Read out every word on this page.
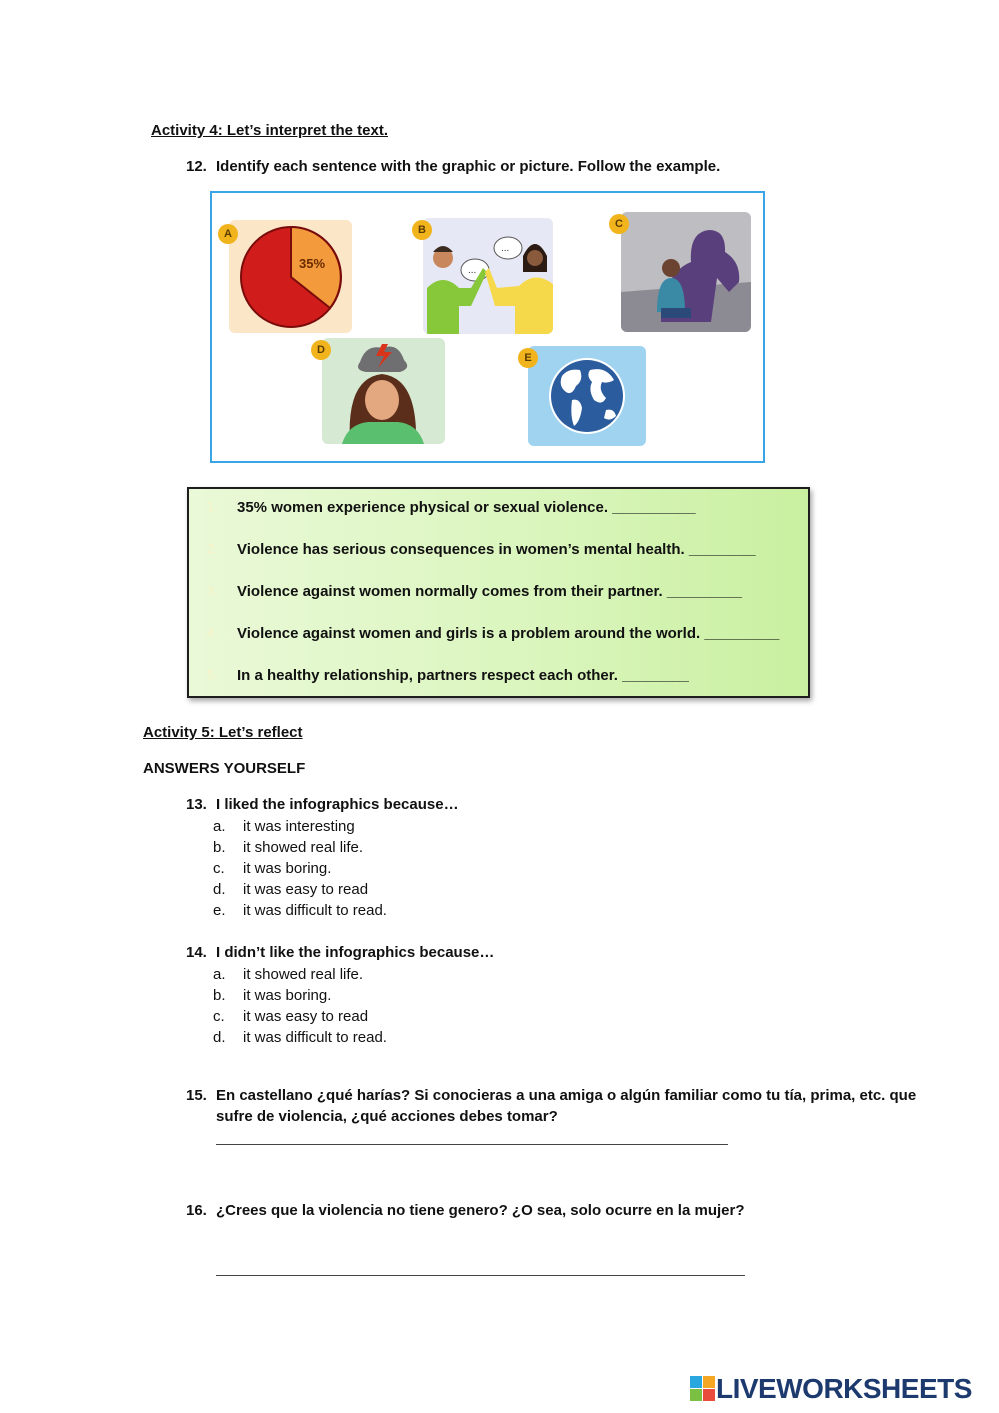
Activity 4: Let’s interpret the text.
12. Identify each sentence with the graphic or picture. Follow the example.
35%
A
...
...
B	C
D
E
1.	35% women experience physical or sexual violence. __________
2.	Violence has serious consequences in women’s mental health. ________
3.	Violence against women normally comes from their partner. _________
4.	Violence against women and girls is a problem around the world. _________
5.	In a healthy relationship, partners respect each other. ________
Activity 5: Let’s reflect
ANSWERS YOURSELF
13. I liked the infographics because…
a. it was interesting
b. it showed real life.
c. it was boring.
d. it was easy to read
e. it was difficult to read.
14. I didn’t like the infographics because…
a. it showed real life.
b. it was boring.
c. it was easy to read
d. it was difficult to read.
15. En castellano ¿qué harías? Si conocieras a una amiga o algún familiar como tu tía, prima, etc. que
sufre de violencia, ¿qué acciones debes tomar?
16. ¿Crees que la violencia no tiene genero? ¿O sea, solo ocurre en la mujer?
LIVEWORKSHEETS
